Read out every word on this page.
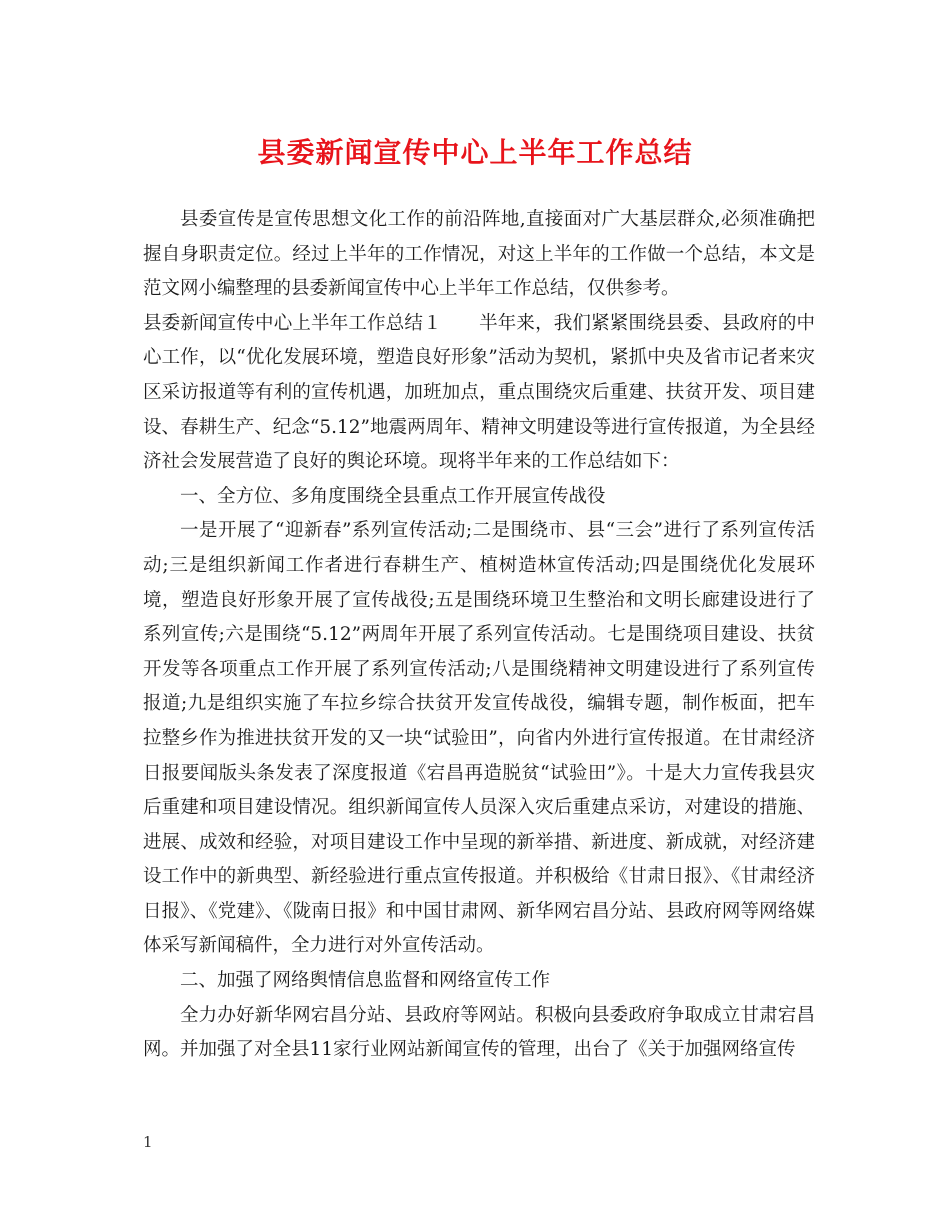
县委新闻宣传中心上半年工作总结

县委宣传是宣传思想文化工作的前沿阵地,直接面对广大基层群众,必须准确把握自身职责定位。经过上半年的工作情况，对这上半年的工作做一个总结，本文是范文网小编整理的县委新闻宣传中心上半年工作总结，仅供参考。

县委新闻宣传中心上半年工作总结１　　半年来，我们紧紧围绕县委、县政府的中心工作，以“优化发展环境，塑造良好形象”活动为契机，紧抓中央及省市记者来灾区采访报道等有利的宣传机遇，加班加点，重点围绕灾后重建、扶贫开发、项目建设、春耕生产、纪念“5.12”地震两周年、精神文明建设等进行宣传报道，为全县经济社会发展营造了良好的舆论环境。现将半年来的工作总结如下：

一、全方位、多角度围绕全县重点工作开展宣传战役

一是开展了“迎新春”系列宣传活动;二是围绕市、县“三会”进行了系列宣传活动;三是组织新闻工作者进行春耕生产、植树造林宣传活动;四是围绕优化发展环境，塑造良好形象开展了宣传战役;五是围绕环境卫生整治和文明长廊建设进行了系列宣传;六是围绕“5.12”两周年开展了系列宣传活动。七是围绕项目建设、扶贫开发等各项重点工作开展了系列宣传活动;八是围绕精神文明建设进行了系列宣传报道;九是组织实施了车拉乡综合扶贫开发宣传战役，编辑专题，制作板面，把车拉整乡作为推进扶贫开发的又一块“试验田”，向省内外进行宣传报道。在甘肃经济日报要闻版头条发表了深度报道《宕昌再造脱贫“试验田”》。十是大力宣传我县灾后重建和项目建设情况。组织新闻宣传人员深入灾后重建点采访，对建设的措施、进展、成效和经验，对项目建设工作中呈现的新举措、新进度、新成就，对经济建设工作中的新典型、新经验进行重点宣传报道。并积极给《甘肃日报》、《甘肃经济日报》、《党建》、《陇南日报》和中国甘肃网、新华网宕昌分站、县政府网等网络媒体采写新闻稿件，全力进行对外宣传活动。

二、加强了网络舆情信息监督和网络宣传工作

全力办好新华网宕昌分站、县政府等网站。积极向县委政府争取成立甘肃宕昌网。并加强了对全县11家行业网站新闻宣传的管理，出台了《关于加强网络宣传

1
